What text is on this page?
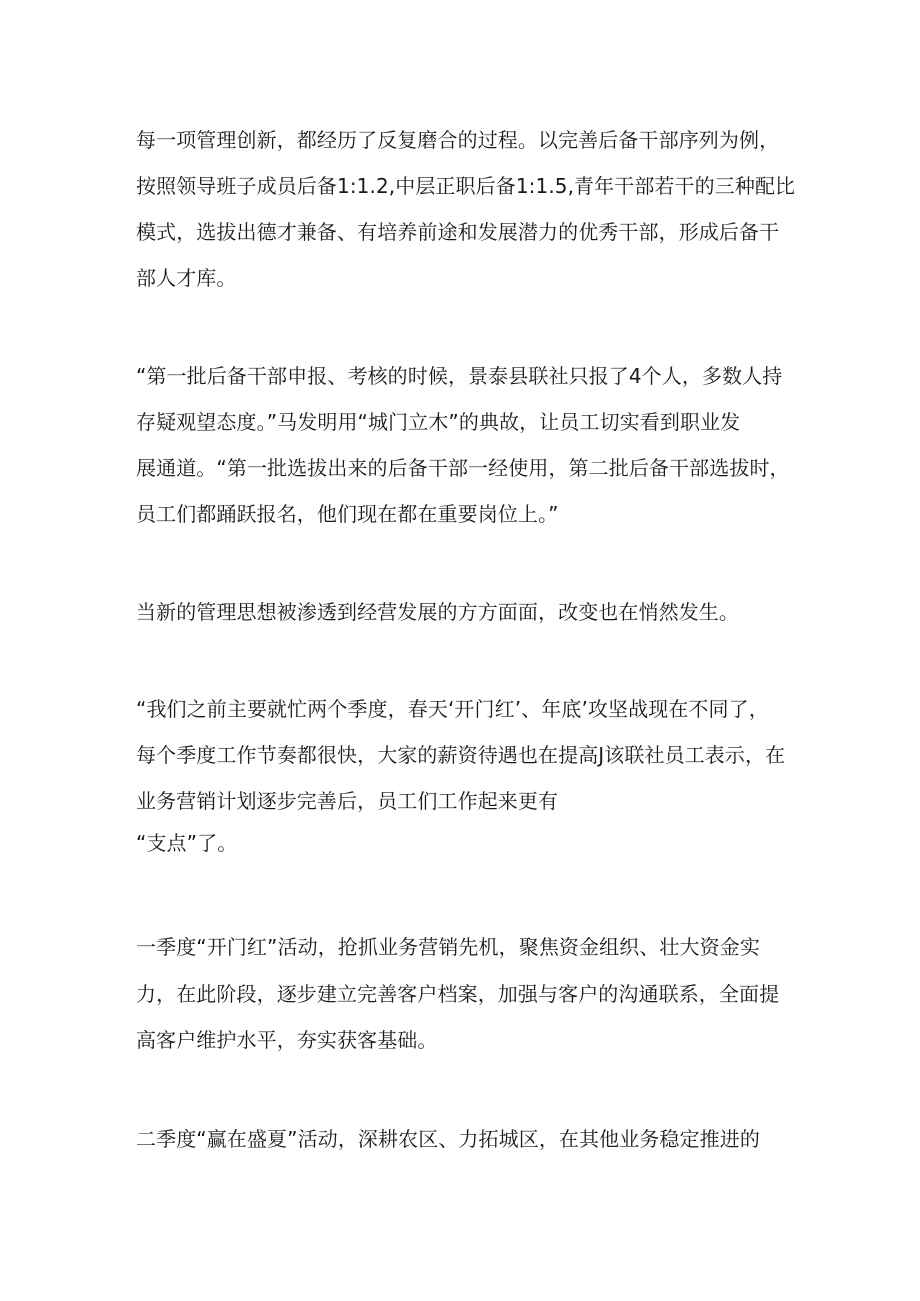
每一项管理创新，都经历了反复磨合的过程。以完善后备干部序列为例，
按照领导班子成员后备1:1.2,中层正职后备1:1.5,青年干部若干的三种配比
模式，选拔出德才兼备、有培养前途和发展潜力的优秀干部，形成后备干
部人才库。
“第一批后备干部申报、考核的时候，景泰县联社只报了4个人，多数人持
存疑观望态度。”马发明用“城门立木”的典故，让员工切实看到职业发
展通道。“第一批选拔出来的后备干部一经使用，第二批后备干部选拔时，
员工们都踊跃报名，他们现在都在重要岗位上。”
当新的管理思想被渗透到经营发展的方方面面，改变也在悄然发生。
“我们之前主要就忙两个季度，春天‘开门红’、年底’攻坚战现在不同了，
每个季度工作节奏都很快，大家的薪资待遇也在提高J该联社员工表示，在
业务营销计划逐步完善后，员工们工作起来更有
“支点”了。
一季度“开门红”活动，抢抓业务营销先机，聚焦资金组织、壮大资金实
力，在此阶段，逐步建立完善客户档案，加强与客户的沟通联系，全面提
高客户维护水平，夯实获客基础。
二季度“赢在盛夏”活动，深耕农区、力拓城区，在其他业务稳定推进的
